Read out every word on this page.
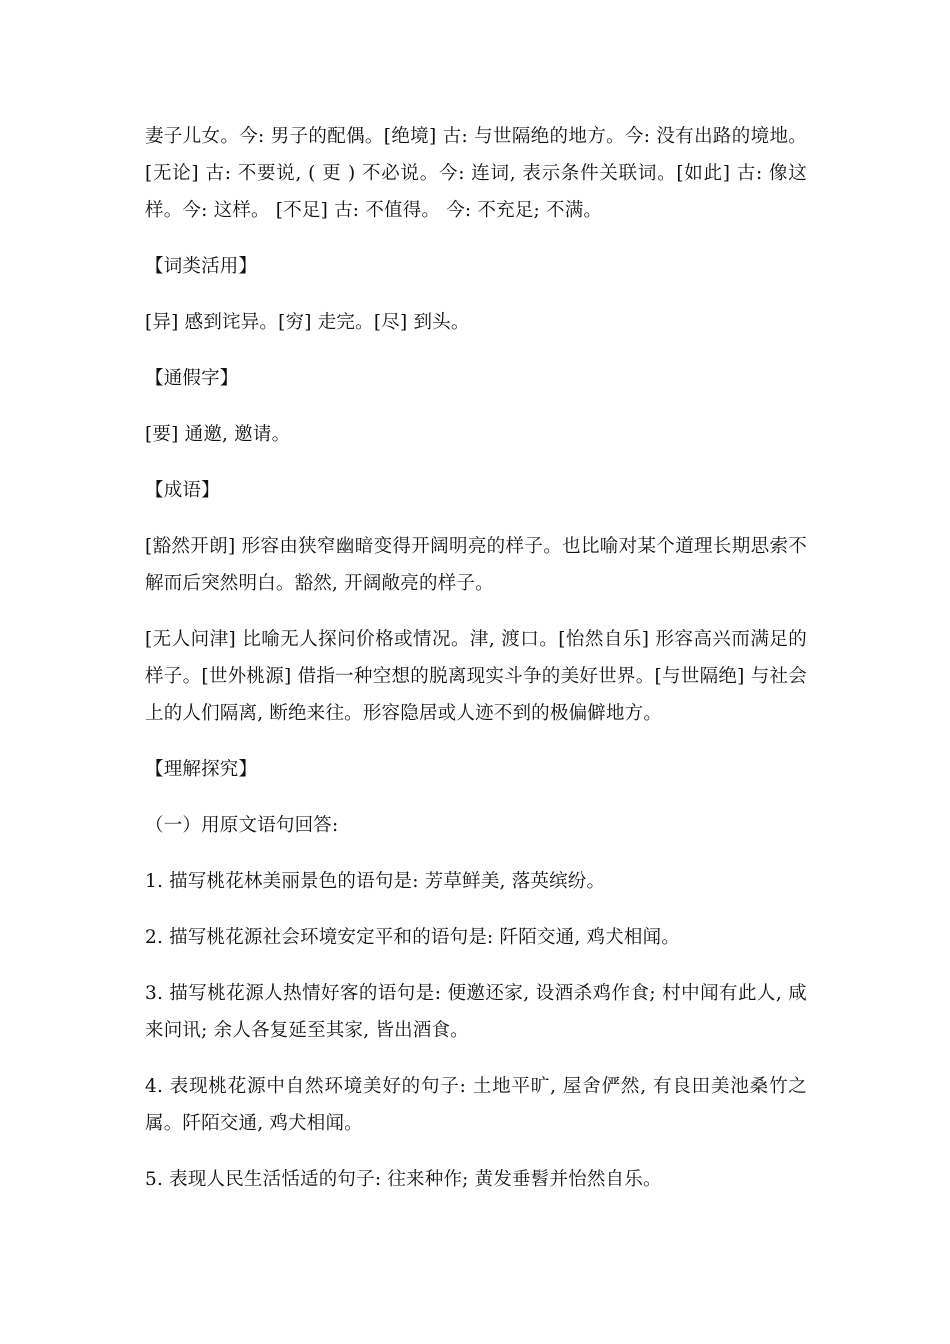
妻子儿女。今: 男子的配偶。[绝境] 古: 与世隔绝的地方。今: 没有出路的境地。[无论] 古: 不要说, ( 更 ) 不必说。今: 连词, 表示条件关联词。[如此] 古: 像这样。今: 这样。 [不足] 古: 不值得。 今: 不充足; 不满。

【词类活用】

[异] 感到诧异。[穷] 走完。[尽] 到头。

【通假字】

[要] 通邀, 邀请。

【成语】

[豁然开朗] 形容由狭窄幽暗变得开阔明亮的样子。也比喻对某个道理长期思索不解而后突然明白。豁然, 开阔敞亮的样子。

[无人问津] 比喻无人探问价格或情况。津, 渡口。[怡然自乐] 形容高兴而满足的样子。[世外桃源] 借指一种空想的脱离现实斗争的美好世界。[与世隔绝] 与社会上的人们隔离, 断绝来往。形容隐居或人迹不到的极偏僻地方。

【理解探究】

（一）用原文语句回答:

1. 描写桃花林美丽景色的语句是: 芳草鲜美, 落英缤纷。

2. 描写桃花源社会环境安定平和的语句是: 阡陌交通, 鸡犬相闻。

3. 描写桃花源人热情好客的语句是: 便邀还家, 设酒杀鸡作食; 村中闻有此人, 咸来问讯; 余人各复延至其家, 皆出酒食。

4. 表现桃花源中自然环境美好的句子: 土地平旷, 屋舍俨然, 有良田美池桑竹之属。阡陌交通, 鸡犬相闻。

5. 表现人民生活恬适的句子: 往来种作; 黄发垂髫并怡然自乐。
